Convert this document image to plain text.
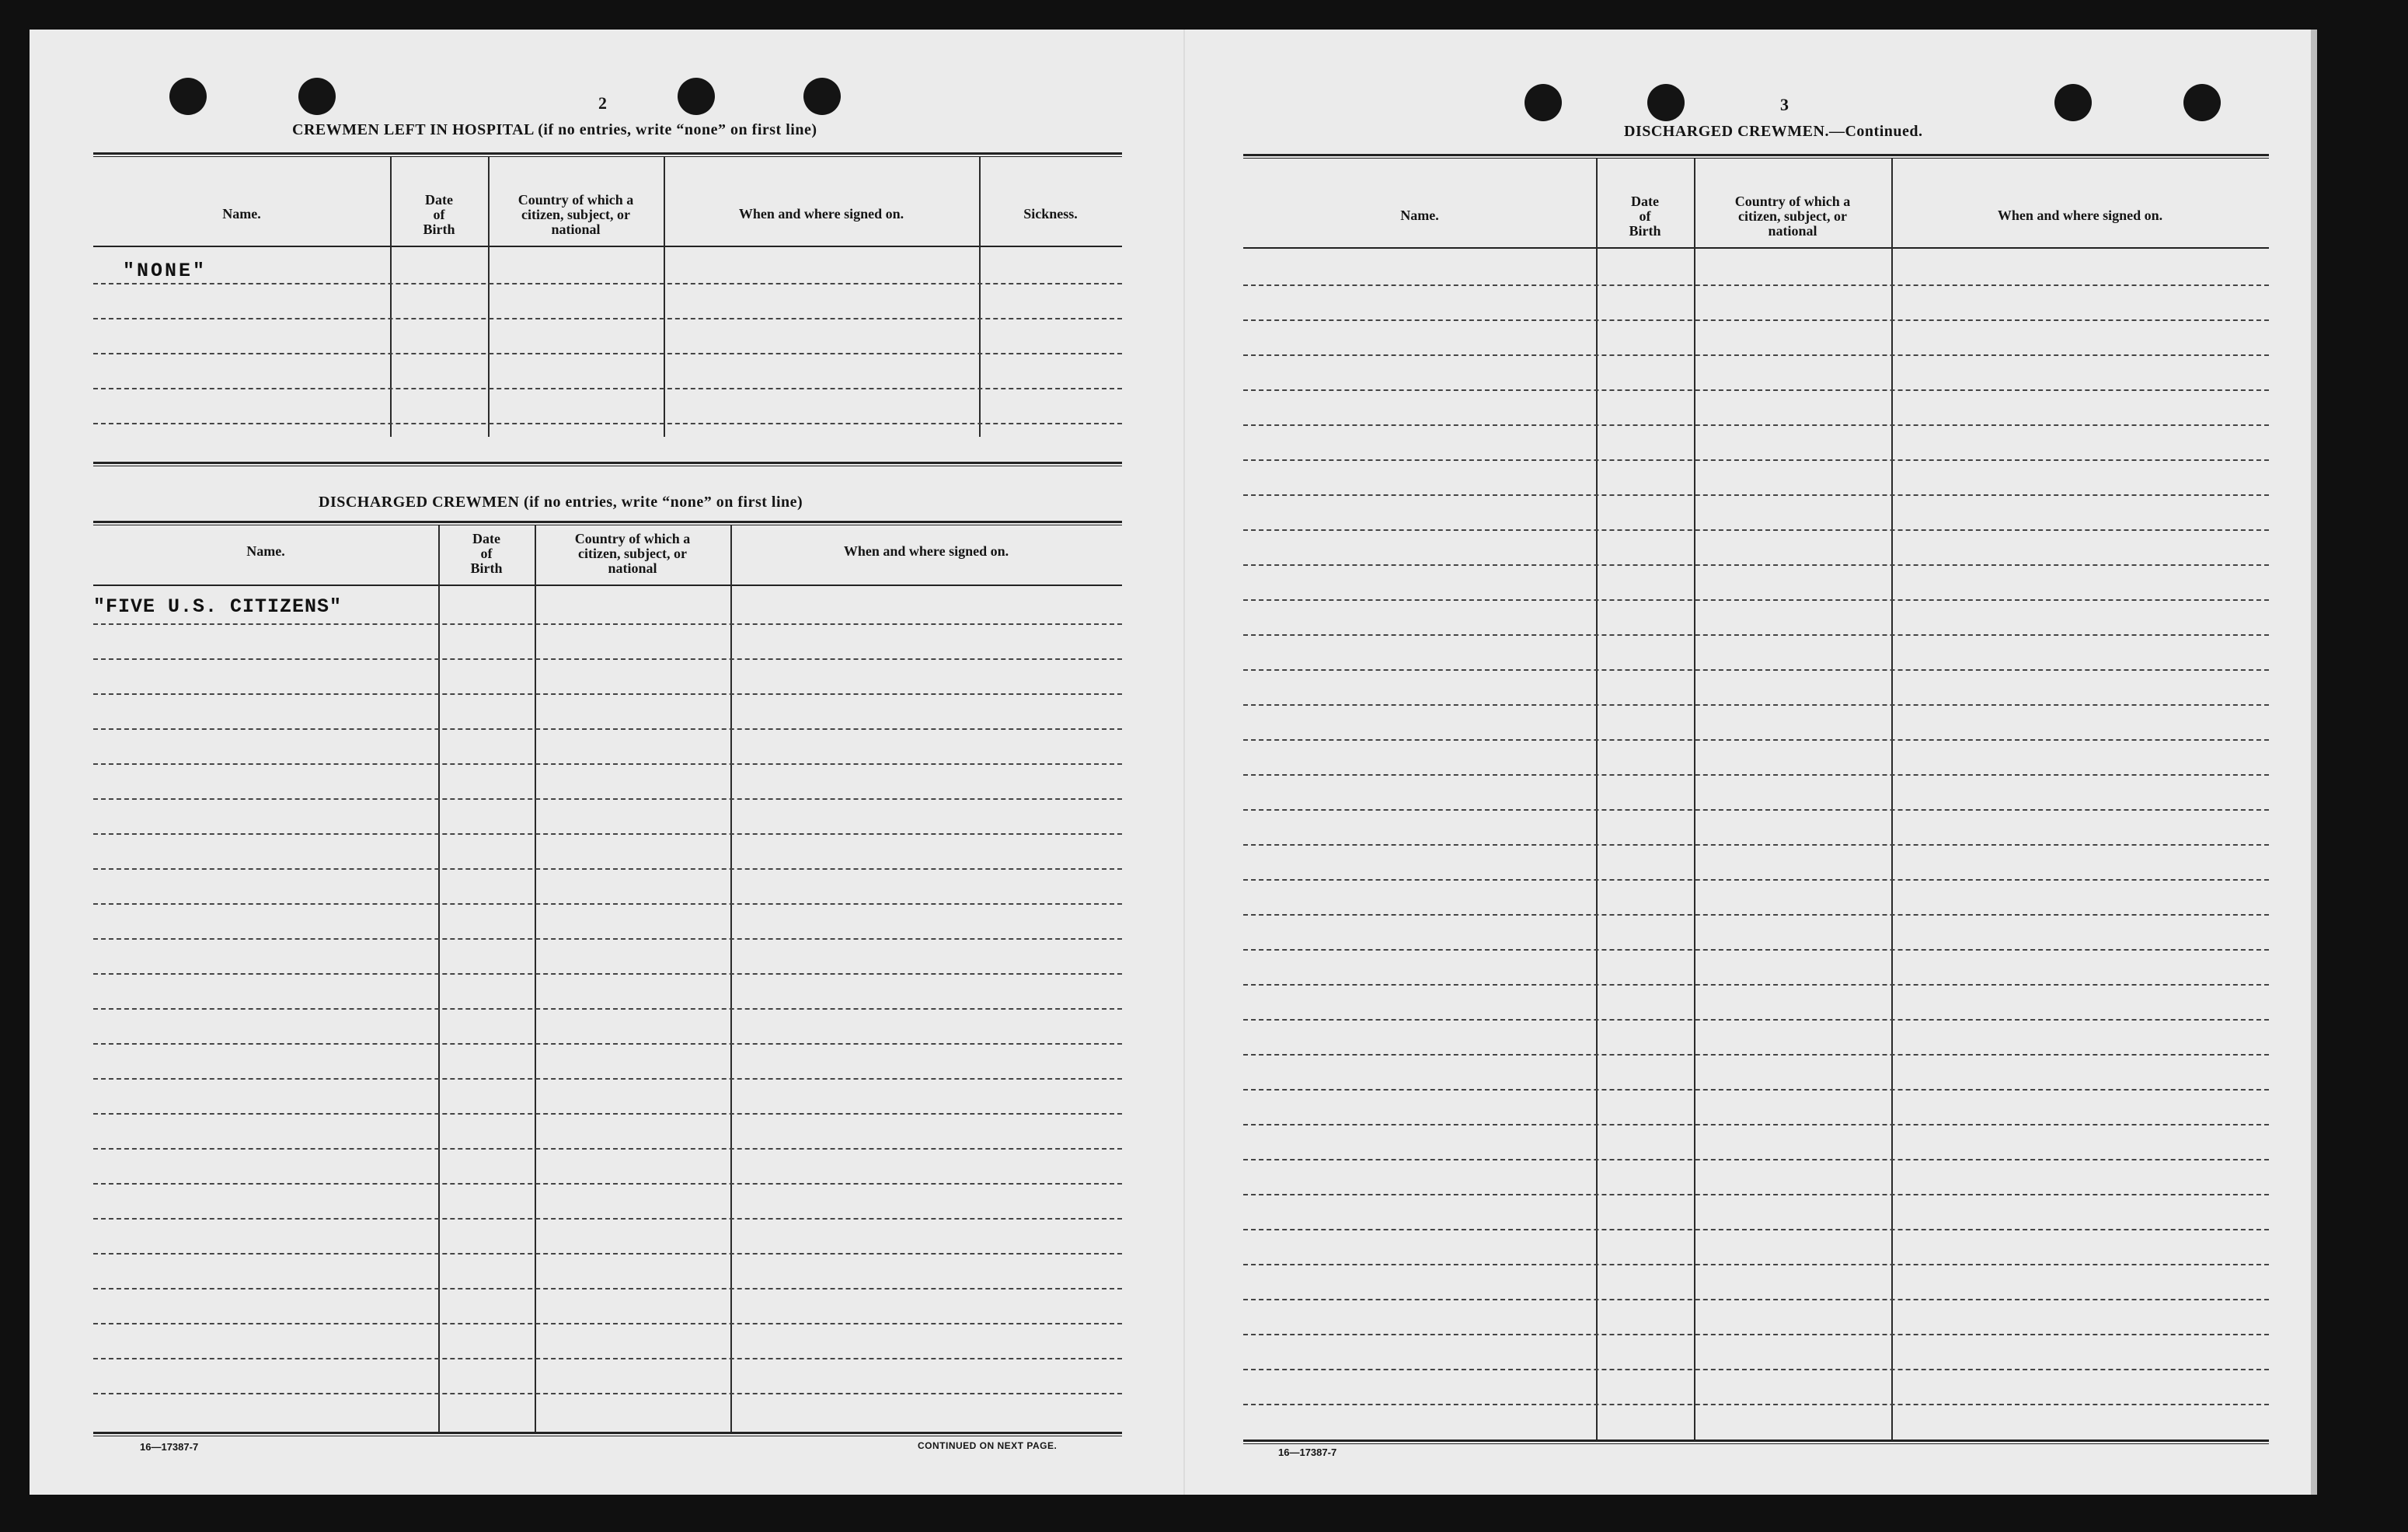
2
CREWMEN LEFT IN HOSPITAL (if no entries, write “none” on first line)
Name.
Country of which a
citizen, subject, or
national
When and where signed on.	Sickness.
Date
of
Birth
"NONE"
DISCHARGED CREWMEN (if no entries, write “none” on first line)
Name.
Date
of
Birth
Country of which a
citizen, subject, or
national
When and where signed on.
"FIVE U.S. CITIZENS"
16—17387-7	CONTINUED ON NEXT PAGE.
3
DISCHARGED CREWMEN.—Continued.
Name.
Date
of
Birth
Country of which a
citizen, subject, or
national
When and where signed on.
16—17387-7
